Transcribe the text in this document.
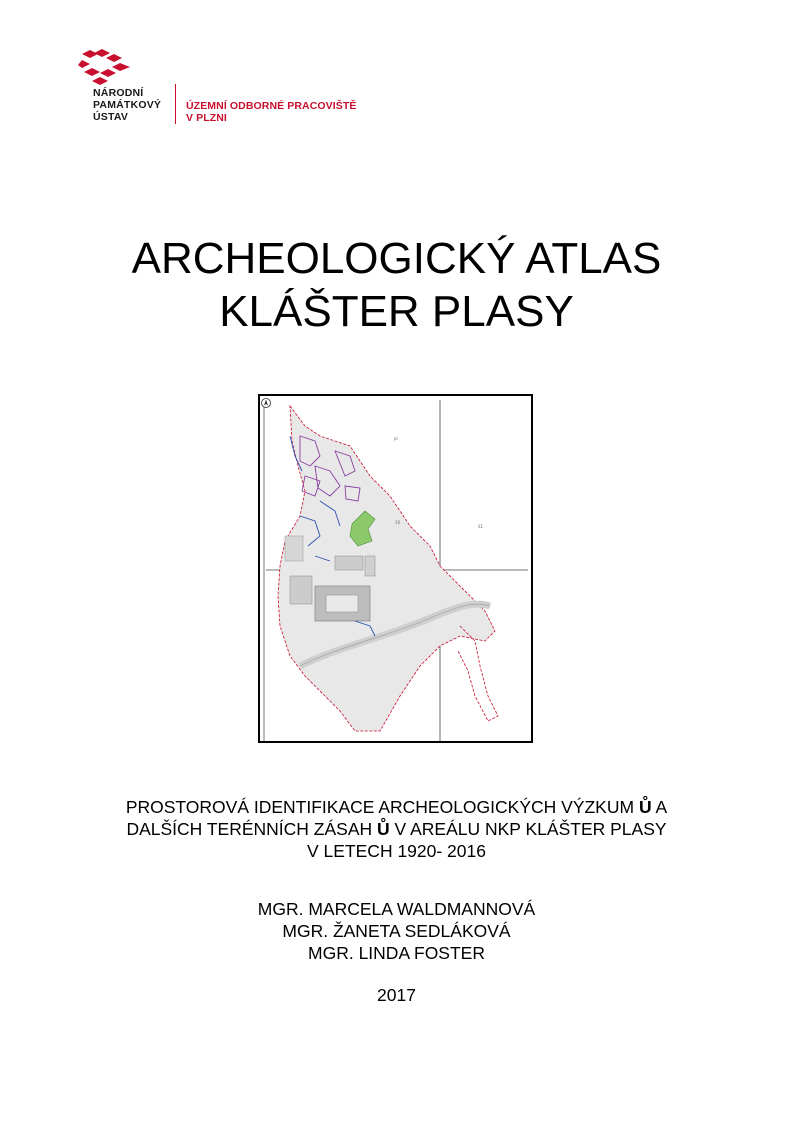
NÁRODNÍ
PAMÁTKOVÝ
ÚSTAV
ÚZEMNÍ ODBORNÉ PRACOVIŠTĚ
V PLZNI
ARCHEOLOGICKÝ ATLAS
KLÁŠTER PLASY
pl
S1
10
PROSTOROVÁ IDENTIFIKACE ARCHEOLOGICKÝCH VÝZKUM Ů A
DALŠÍCH TERÉNNÍCH ZÁSAH Ů V AREÁLU NKP KLÁŠTER PLASY
V LETECH 1920- 2016
MGR. MARCELA WALDMANNOVÁ
MGR. ŽANETA SEDLÁKOVÁ
MGR. LINDA FOSTER
2017
